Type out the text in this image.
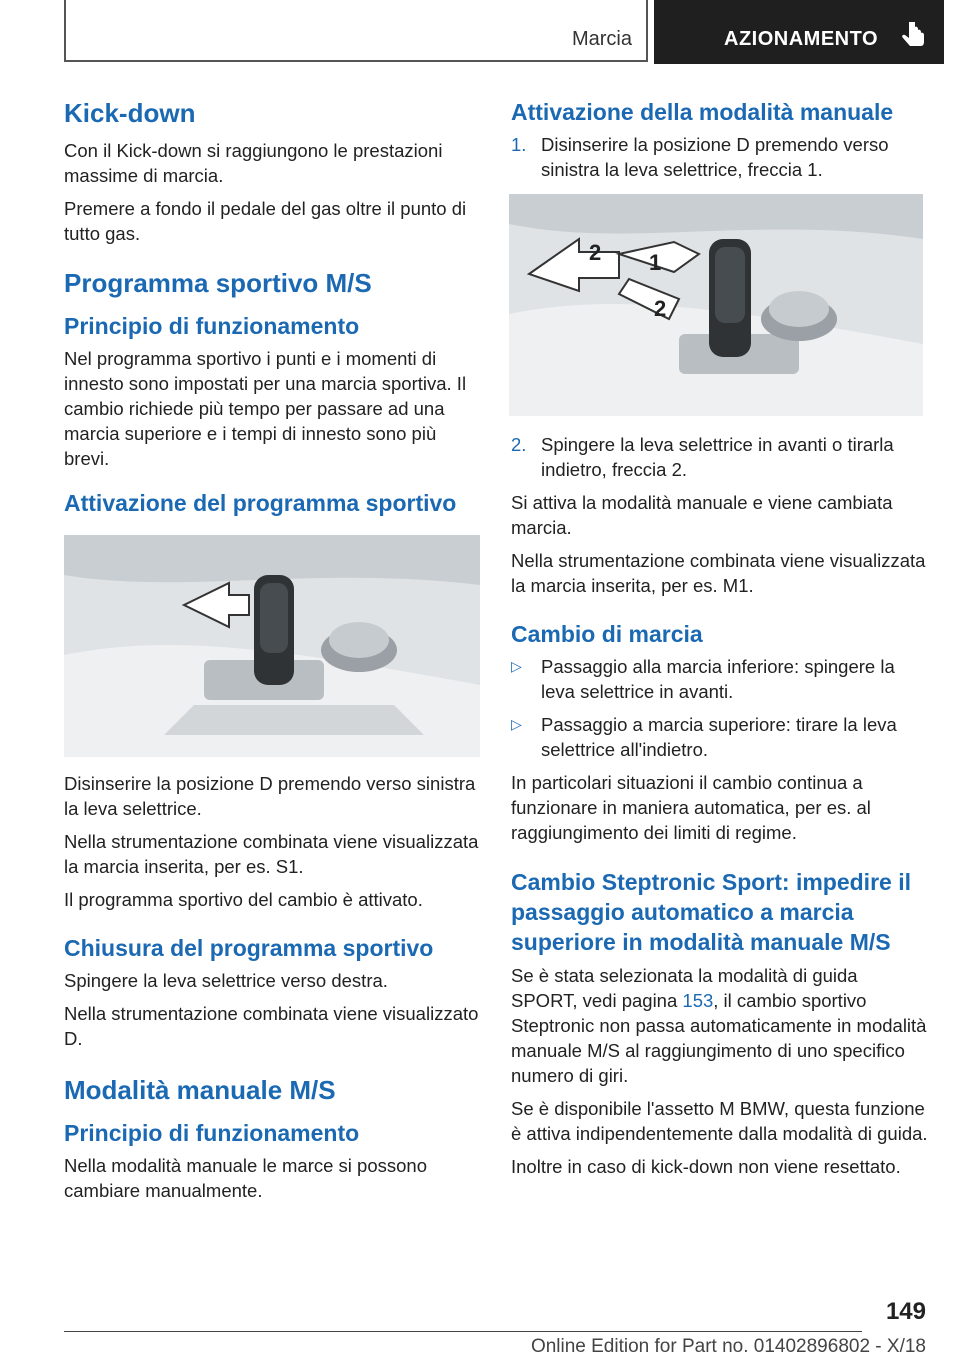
Marcia	AZIONAMENTO
Kick-down

Con il Kick-down si raggiungono le prestazioni massime di marcia.

Premere a fondo il pedale del gas oltre il punto di tutto gas.

Programma sportivo M/S
Principio di funzionamento

Nel programma sportivo i punti e i momenti di innesto sono impostati per una marcia sportiva. Il cambio richiede più tempo per passare ad una marcia superiore e i tempi di innesto sono più brevi.

Attivazione del programma sportivo

Disinserire la posizione D premendo verso sinistra la leva selettrice.

Nella strumentazione combinata viene visualizzata la marcia inserita, per es. S1.

Il programma sportivo del cambio è attivato.

Chiusura del programma sportivo

Spingere la leva selettrice verso destra.

Nella strumentazione combinata viene visualizzato D.

Modalità manuale M/S
Principio di funzionamento

Nella modalità manuale le marce si possono cambiare manualmente.

Attivazione della modalità manuale
1. Disinserire la posizione D premendo verso sinistra la leva selettrice, freccia 1.
2 1
2
2. Spingere la leva selettrice in avanti o tirarla indietro, freccia 2.

Si attiva la modalità manuale e viene cambiata marcia.

Nella strumentazione combinata viene visualizzata la marcia inserita, per es. M1.

Cambio di marcia
▷ Passaggio alla marcia inferiore: spingere la leva selettrice in avanti.
▷ Passaggio a marcia superiore: tirare la leva selettrice all'indietro.

In particolari situazioni il cambio continua a funzionare in maniera automatica, per es. al raggiungimento dei limiti di regime.

Cambio Steptronic Sport: impedire il passaggio automatico a marcia superiore in modalità manuale M/S

Se è stata selezionata la modalità di guida SPORT, vedi pagina 153, il cambio sportivo Steptronic non passa automaticamente in modalità manuale M/S al raggiungimento di uno specifico numero di giri.

Se è disponibile l'assetto M BMW, questa funzione è attiva indipendentemente dalla modalità di guida.

Inoltre in caso di kick-down non viene resettato.

149
Online Edition for Part no. 01402896802 - X/18
